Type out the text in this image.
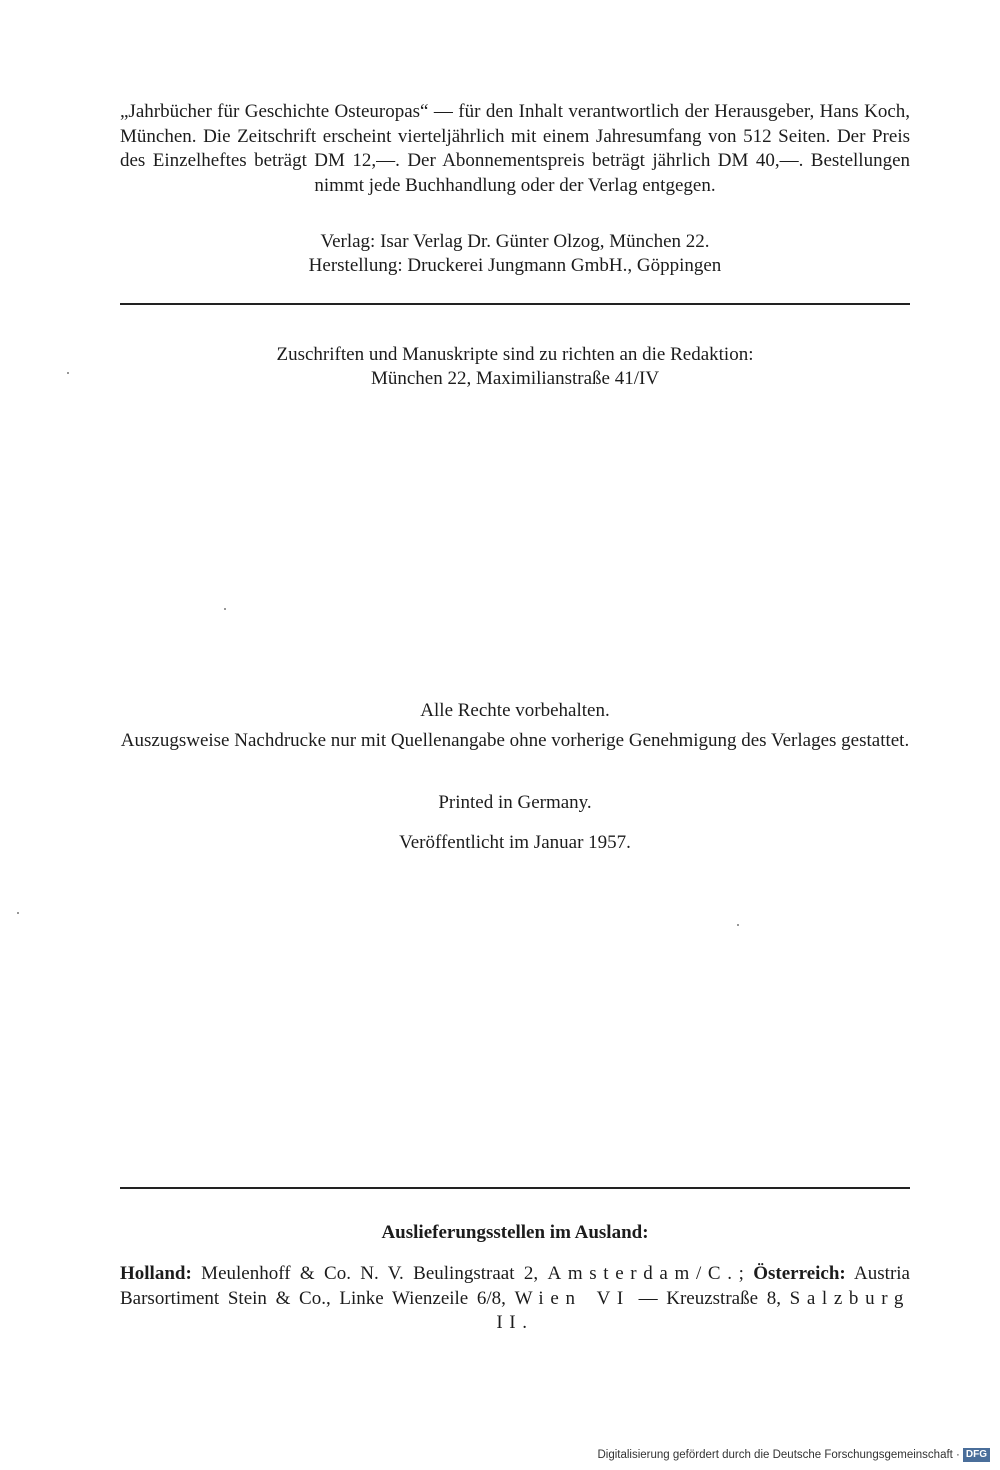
„Jahrbücher für Geschichte Osteuropas“ — für den Inhalt verantwortlich der Herausgeber, Hans Koch, München. Die Zeitschrift erscheint vierteljährlich mit einem Jahresumfang von 512 Seiten. Der Preis des Einzelheftes beträgt DM 12,—. Der Abonnementspreis beträgt jährlich DM 40,—. Bestellungen nimmt jede Buchhandlung oder der Verlag entgegen.

Verlag: Isar Verlag Dr. Günter Olzog, München 22.

Herstellung: Druckerei Jungmann GmbH., Göppingen

Zuschriften und Manuskripte sind zu richten an die Redaktion:

München 22, Maximilianstraße 41/IV

Alle Rechte vorbehalten.

Auszugsweise Nachdrucke nur mit Quellenangabe ohne vorherige Genehmigung des Verlages gestattet.

Printed in Germany.

Veröffentlicht im Januar 1957.

Auslieferungsstellen im Ausland:

Holland: Meulenhoff & Co. N. V. Beulingstraat 2, Amsterdam/C.; Österreich: Austria Barsortiment Stein & Co., Linke Wienzeile 6/8, Wien VI — Kreuzstraße 8, Salzburg II.

Digitalisierung gefördert durch die Deutsche Forschungsgemeinschaft · DFG
